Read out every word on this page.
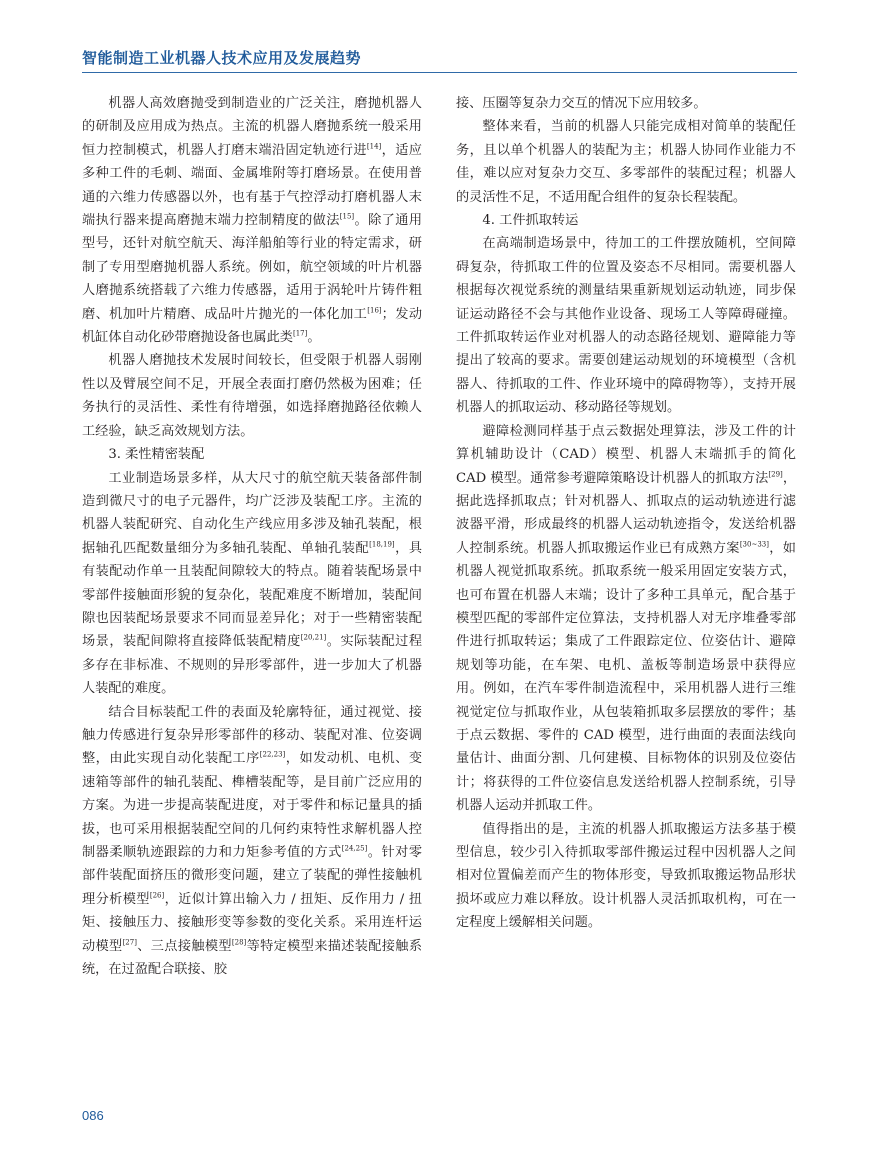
智能制造工业机器人技术应用及发展趋势

机器人高效磨抛受到制造业的广泛关注，磨抛机器人的研制及应用成为热点。主流的机器人磨抛系统一般采用恒力控制模式，机器人打磨末端沿固定轨迹行进[14]，适应多种工件的毛刺、端面、金属堆附等打磨场景。在使用普通的六维力传感器以外，也有基于气控浮动打磨机器人末端执行器来提高磨抛末端力控制精度的做法[15]。除了通用型号，还针对航空航天、海洋船舶等行业的特定需求，研制了专用型磨抛机器人系统。例如，航空领域的叶片机器人磨抛系统搭载了六维力传感器，适用于涡轮叶片铸件粗磨、机加叶片精磨、成品叶片抛光的一体化加工[16]；发动机缸体自动化砂带磨抛设备也属此类[17]。

机器人磨抛技术发展时间较长，但受限于机器人弱刚性以及臂展空间不足，开展全表面打磨仍然极为困难；任务执行的灵活性、柔性有待增强，如选择磨抛路径依赖人工经验，缺乏高效规划方法。

3. 柔性精密装配

工业制造场景多样，从大尺寸的航空航天装备部件制造到微尺寸的电子元器件，均广泛涉及装配工序。主流的机器人装配研究、自动化生产线应用多涉及轴孔装配，根据轴孔匹配数量细分为多轴孔装配、单轴孔装配[18,19]，具有装配动作单一且装配间隙较大的特点。随着装配场景中零部件接触面形貌的复杂化，装配难度不断增加，装配间隙也因装配场景要求不同而显差异化；对于一些精密装配场景，装配间隙将直接降低装配精度[20,21]。实际装配过程多存在非标准、不规则的异形零部件，进一步加大了机器人装配的难度。

结合目标装配工件的表面及轮廓特征，通过视觉、接触力传感进行复杂异形零部件的移动、装配对准、位姿调整，由此实现自动化装配工序[22,23]，如发动机、电机、变速箱等部件的轴孔装配、榫槽装配等，是目前广泛应用的方案。为进一步提高装配进度，对于零件和标记量具的插拔，也可采用根据装配空间的几何约束特性求解机器人控制器柔顺轨迹跟踪的力和力矩参考值的方式[24,25]。针对零部件装配面挤压的微形变问题，建立了装配的弹性接触机理分析模型[26]，近似计算出输入力 / 扭矩、反作用力 / 扭矩、接触压力、接触形变等参数的变化关系。采用连杆运动模型[27]、三点接触模型[28]等特定模型来描述装配接触系统，在过盈配合联接、胶

接、压圈等复杂力交互的情况下应用较多。

整体来看，当前的机器人只能完成相对简单的装配任务，且以单个机器人的装配为主；机器人协同作业能力不佳，难以应对复杂力交互、多零部件的装配过程；机器人的灵活性不足，不适用配合组件的复杂长程装配。

4. 工件抓取转运

在高端制造场景中，待加工的工件摆放随机，空间障碍复杂，待抓取工件的位置及姿态不尽相同。需要机器人根据每次视觉系统的测量结果重新规划运动轨迹，同步保证运动路径不会与其他作业设备、现场工人等障碍碰撞。工件抓取转运作业对机器人的动态路径规划、避障能力等提出了较高的要求。需要创建运动规划的环境模型（含机器人、待抓取的工件、作业环境中的障碍物等），支持开展机器人的抓取运动、移动路径等规划。

避障检测同样基于点云数据处理算法，涉及工件的计算机辅助设计（CAD）模型、机器人末端抓手的简化 CAD 模型。通常参考避障策略设计机器人的抓取方法[29]，据此选择抓取点；针对机器人、抓取点的运动轨迹进行滤波器平滑，形成最终的机器人运动轨迹指令，发送给机器人控制系统。机器人抓取搬运作业已有成熟方案[30~33]，如机器人视觉抓取系统。抓取系统一般采用固定安装方式，也可布置在机器人末端；设计了多种工具单元，配合基于模型匹配的零部件定位算法，支持机器人对无序堆叠零部件进行抓取转运；集成了工件跟踪定位、位姿估计、避障规划等功能，在车架、电机、盖板等制造场景中获得应用。例如，在汽车零件制造流程中，采用机器人进行三维视觉定位与抓取作业，从包装箱抓取多层摆放的零件；基于点云数据、零件的 CAD 模型，进行曲面的表面法线向量估计、曲面分割、几何建模、目标物体的识别及位姿估计；将获得的工件位姿信息发送给机器人控制系统，引导机器人运动并抓取工件。

值得指出的是，主流的机器人抓取搬运方法多基于模型信息，较少引入待抓取零部件搬运过程中因机器人之间相对位置偏差而产生的物体形变，导致抓取搬运物品形状损坏或应力难以释放。设计机器人灵活抓取机构，可在一定程度上缓解相关问题。

086
